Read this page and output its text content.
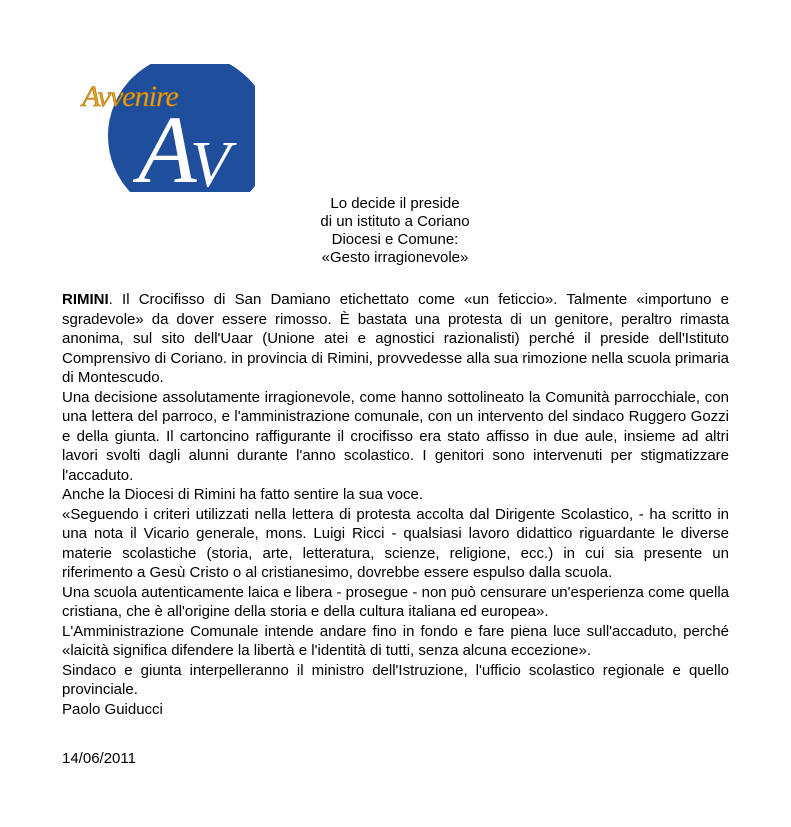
A
V
Avvenire
Lo decide il preside
di un istituto a Coriano
Diocesi e Comune:
«Gesto irragionevole»

RIMINI. Il Crocifisso di San Damiano etichettato come «un feticcio». Talmente «importuno e sgradevole» da dover essere rimosso. È bastata una protesta di un genitore, peraltro rimasta anonima, sul sito dell'Uaar (Unione atei e agnostici razionalisti) perché il preside dell'Istituto Comprensivo di Coriano. in provincia di Rimini, provvedesse alla sua rimozione nella scuola primaria di Montescudo.

Una decisione assolutamente irragionevole, come hanno sottolineato la Comunità parrocchiale, con una lettera del parroco, e l'amministrazione comunale, con un intervento del sindaco Ruggero Gozzi e della giunta. Il cartoncino raffigurante il crocifisso era stato affisso in due aule, insieme ad altri lavori svolti dagli alunni durante l'anno scolastico. I genitori sono intervenuti per stigmatizzare l'accaduto.

Anche la Diocesi di Rimini ha fatto sentire la sua voce.

«Seguendo i criteri utilizzati nella lettera di protesta accolta dal Dirigente Scolastico, - ha scritto in una nota il Vicario generale, mons. Luigi Ricci - qualsiasi lavoro didattico riguardante le diverse materie scolastiche (storia, arte, letteratura, scienze, religione, ecc.) in cui sia presente un riferimento a Gesù Cristo o al cristianesimo, dovrebbe essere espulso dalla scuola.

Una scuola autenticamente laica e libera - prosegue - non può censurare un'esperienza come quella cristiana, che è all'origine della storia e della cultura italiana ed europea».

L'Amministrazione Comunale intende andare fino in fondo e fare piena luce sull'accaduto, perché «laicità significa difendere la libertà e l'identità di tutti, senza alcuna eccezione».

Sindaco e giunta interpelleranno il ministro dell'Istruzione, l'ufficio scolastico regionale e quello provinciale.

Paolo Guiducci

14/06/2011
